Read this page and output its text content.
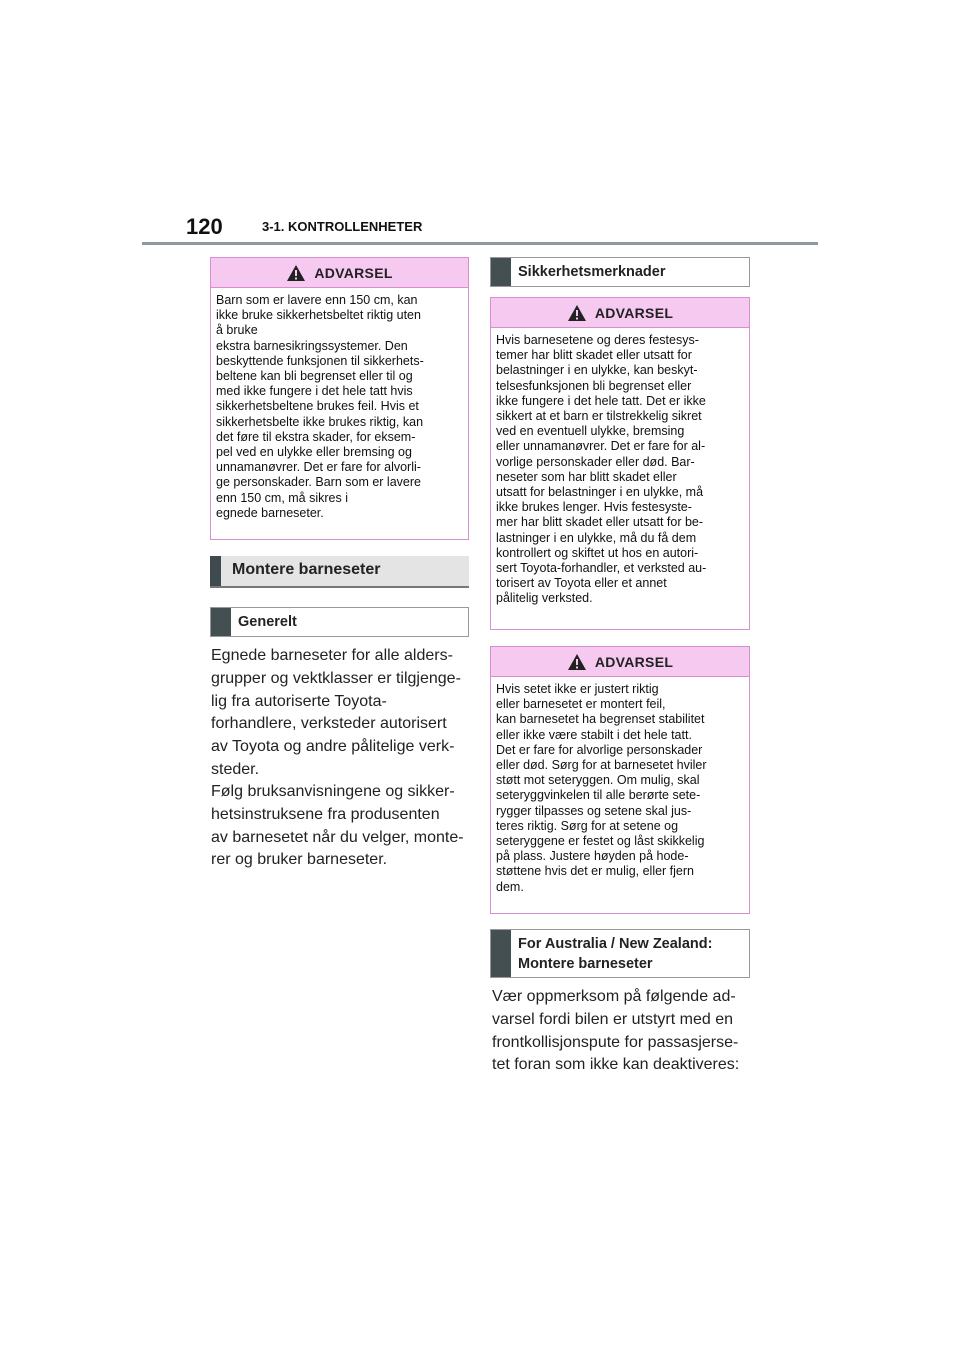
120	3-1. KONTROLLENHETER
ADVARSEL
Barn som er lavere enn 150 cm, kan
ikke bruke sikkerhetsbeltet riktig uten
å bruke
ekstra barnesikringssystemer. Den
beskyttende funksjonen til sikkerhets-
beltene kan bli begrenset eller til og
med ikke fungere i det hele tatt hvis
sikkerhetsbeltene brukes feil. Hvis et
sikkerhetsbelte ikke brukes riktig, kan
det føre til ekstra skader, for eksem-
pel ved en ulykke eller bremsing og
unnamanøvrer. Det er fare for alvorli-
ge personskader. Barn som er lavere
enn 150 cm, må sikres i
egnede barneseter.
Montere barneseter
Generelt
Egnede barneseter for alle alders-
grupper og vektklasser er tilgjenge-
lig fra autoriserte Toyota-
forhandlere, verksteder autorisert
av Toyota og andre pålitelige verk-
steder.
Følg bruksanvisningene og sikker-
hetsinstruksene fra produsenten
av barnesetet når du velger, monte-
rer og bruker barneseter.
Sikkerhetsmerknader
ADVARSEL
Hvis barnesetene og deres festesys-
temer har blitt skadet eller utsatt for
belastninger i en ulykke, kan beskyt-
telsesfunksjonen bli begrenset eller
ikke fungere i det hele tatt. Det er ikke
sikkert at et barn er tilstrekkelig sikret
ved en eventuell ulykke, bremsing
eller unnamanøvrer. Det er fare for al-
vorlige personskader eller død. Bar-
neseter som har blitt skadet eller
utsatt for belastninger i en ulykke, må
ikke brukes lenger. Hvis festesyste-
mer har blitt skadet eller utsatt for be-
lastninger i en ulykke, må du få dem
kontrollert og skiftet ut hos en autori-
sert Toyota-forhandler, et verksted au-
torisert av Toyota eller et annet
pålitelig verksted.
ADVARSEL
Hvis setet ikke er justert riktig
eller barnesetet er montert feil,
kan barnesetet ha begrenset stabilitet
eller ikke være stabilt i det hele tatt.
Det er fare for alvorlige personskader
eller død. Sørg for at barnesetet hviler
støtt mot seteryggen. Om mulig, skal
seteryggvinkelen til alle berørte sete-
rygger tilpasses og setene skal jus-
teres riktig. Sørg for at setene og
seteryggene er festet og låst skikkelig
på plass. Justere høyden på hode-
støttene hvis det er mulig, eller fjern
dem.
For Australia / New Zealand:
Montere barneseter
Vær oppmerksom på følgende ad-
varsel fordi bilen er utstyrt med en
frontkollisjonspute for passasjerse-
tet foran som ikke kan deaktiveres:
